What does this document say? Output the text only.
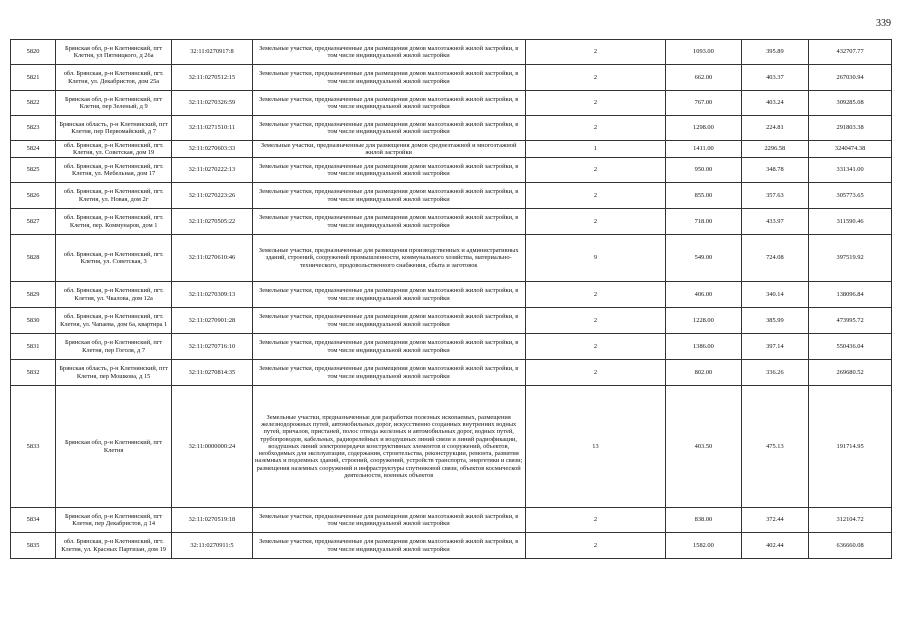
339
5820	Брянская обл, р-н Клетнянский, пгт Клетня, ул Пятницкого, д 26а	32:11:0270917:8	Земельные участки, предназначенные для размещения домов малоэтажной жилой застройки, в том числе индивидуальной жилой застройки	2	1093.00	395.89	432707.77
5821	обл. Брянская, р-н Клетнянский, пгт. Клетня, ул. Декабристов, дом 25а	32:11:0270512:15	Земельные участки, предназначенные для размещения домов малоэтажной жилой застройки, в том числе индивидуальной жилой застройки	2	662.00	403.37	267030.94
5822	Брянская обл, р-н Клетнянский, пгт Клетня, пер Зеленый, д 9	32:11:0270326:59	Земельные участки, предназначенные для размещения домов малоэтажной жилой застройки, в том числе индивидуальной жилой застройки	2	767.00	403.24	309285.08
5823	Брянская область, р-н Клетнянский, пгт Клетня, пер Первомайский, д 7	32:11:0271510:11	Земельные участки, предназначенные для размещения домов малоэтажной жилой застройки, в том числе индивидуальной жилой застройки	2	1298.00	224.81	291803.38
5824	обл. Брянская, р-н Клетнянский, пгт. Клетня, ул. Советская, дом 19	32:11:0270603:33	Земельные участки, предназначенные для размещения домов среднеэтажной и многоэтажной жилой застройки	1	1411.00	2296.58	3240474.38
5825	обл. Брянская, р-н Клетнянский, пгт. Клетня, ул. Мебельная, дом 17	32:11:0270222:13	Земельные участки, предназначенные для размещения домов малоэтажной жилой застройки, в том числе индивидуальной жилой застройки	2	950.00	348.78	331341.00
5826	обл. Брянская, р-н Клетнянский, пгт. Клетня, ул. Новая, дом 2г	32:11:0270223:26	Земельные участки, предназначенные для размещения домов малоэтажной жилой застройки, в том числе индивидуальной жилой застройки	2	855.00	357.63	305773.65
5827	обл. Брянская, р-н Клетнянский, пгт. Клетня, пер. Коммунаров, дом 1	32:11:0270505:22	Земельные участки, предназначенные для размещения домов малоэтажной жилой застройки, в том числе индивидуальной жилой застройки	2	718.00	433.97	311590.46
5828	обл. Брянская, р-н Клетнянский, пгт. Клетня, ул. Советская, 3	32:11:0270610:46	Земельные участки, предназначенные для размещения производственных и административных зданий, строений, сооружений промышленности, коммунального хозяйства, материально-технического, продовольственного снабжения, сбыта и заготовок	9	549.00	724.08	397519.92
5829	обл. Брянская, р-н Клетнянский, пгт. Клетня, ул. Чкалова, дом 12а	32:11:0270309:13	Земельные участки, предназначенные для размещения домов малоэтажной жилой застройки, в том числе индивидуальной жилой застройки	2	406.00	340.14	138096.84
5830	обл. Брянская, р-н Клетнянский, пгт. Клетня, ул. Чапаева, дом 6а, квартира 1	32:11:0270901:28	Земельные участки, предназначенные для размещения домов малоэтажной жилой застройки, в том числе индивидуальной жилой застройки	2	1228.00	385.99	473995.72
5831	Брянская обл, р-н Клетнянский, пгт Клетня, пер Гоголя, д 7	32:11:0270716:10	Земельные участки, предназначенные для размещения домов малоэтажной жилой застройки, в том числе индивидуальной жилой застройки	2	1386.00	397.14	550436.04
5832	Брянская область, р-н Клетнянский, пгт Клетня, пер Мошкова, д 15	32:11:0270814:35	Земельные участки, предназначенные для размещения домов малоэтажной жилой застройки, в том числе индивидуальной жилой застройки	2	802.00	336.26	269680.52
5833	Брянская обл, р-н Клетнянский, пгт Клетня	32:11:0000000:24	Земельные участки, предназначенные для разработки полезных ископаемых, размещения железнодорожных путей, автомобильных дорог, искусственно созданных внутренних водных путей, причалов, пристаней, полос отвода железных и автомобильных дорог, водных путей, трубопроводов, кабельных, радиорелейных и воздушных линий связи и линий радиофикации, воздушных линий электропередачи конструктивных элементов и сооружений, объектов, необходимых для эксплуатации, содержания, строительства, реконструкции, ремонта, развития наземных и подземных зданий, строений, сооружений, устройств транспорта, энергетики и связи; размещения наземных сооружений и инфраструктуры спутниковой связи, объектов космической деятельности, военных объектов	13	403.50	475.13	191714.95
5834	Брянская обл, р-н Клетнянский, пгт Клетня, пер Декабристов, д 14	32:11:0270519:18	Земельные участки, предназначенные для размещения домов малоэтажной жилой застройки, в том числе индивидуальной жилой застройки	2	838.00	372.44	312104.72
5835	обл. Брянская, р-н Клетнянский, пгт. Клетня, ул. Красных Партизан, дом 19	32:11:0270911:5	Земельные участки, предназначенные для размещения домов малоэтажной жилой застройки, в том числе индивидуальной жилой застройки	2	1582.00	402.44	636660.08
